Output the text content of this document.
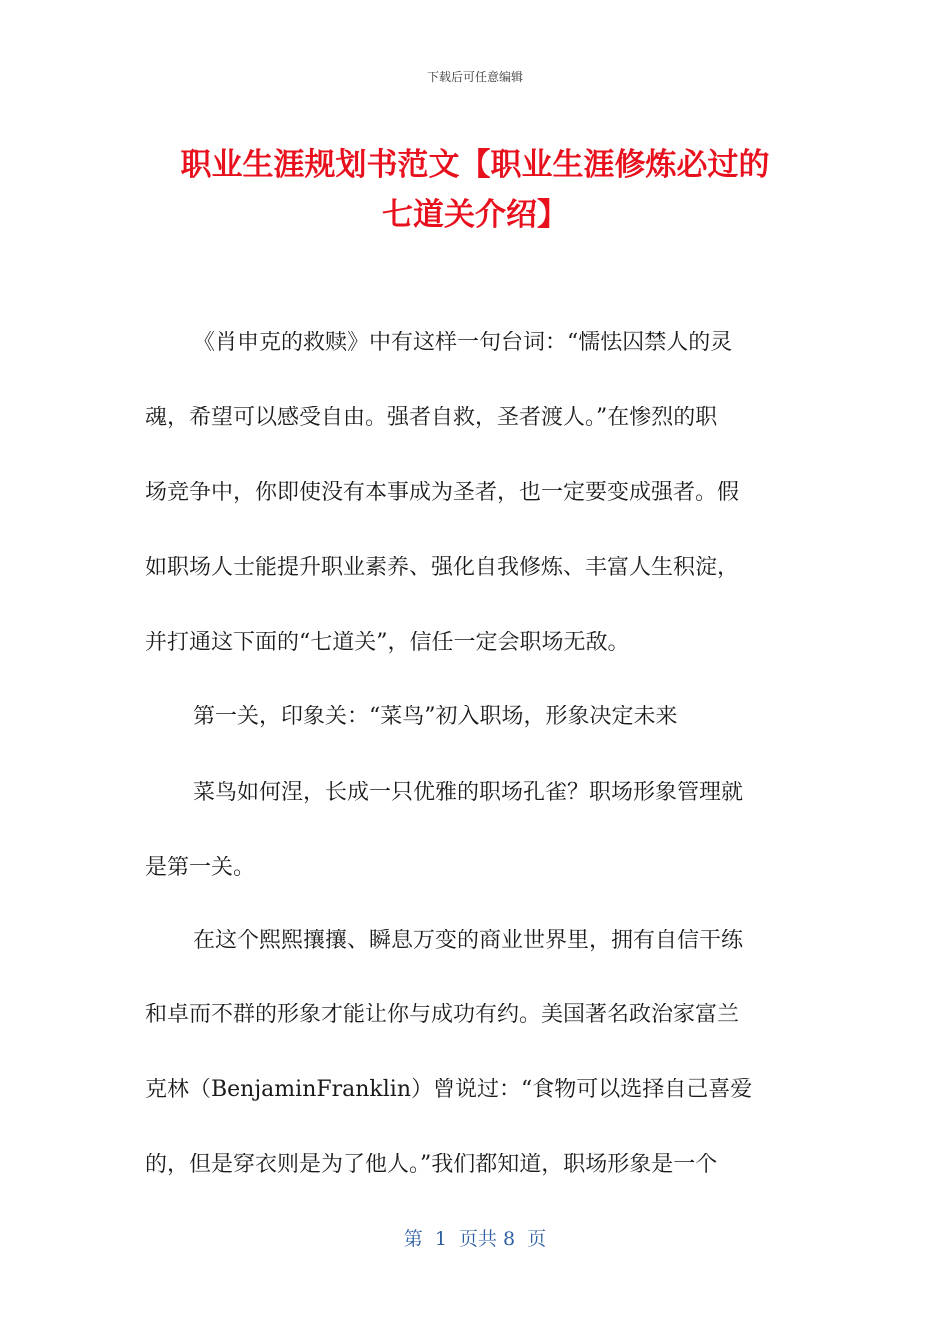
下载后可任意编辑
职业生涯规划书范文【职业生涯修炼必过的
七道关介绍】
《肖申克的救赎》中有这样一句台词：“懦怯囚禁人的灵
魂，希望可以感受自由。强者自救，圣者渡人。”在惨烈的职
场竞争中，你即使没有本事成为圣者，也一定要变成强者。假
如职场人士能提升职业素养、强化自我修炼、丰富人生积淀，
并打通这下面的“七道关”，信任一定会职场无敌。
第一关，印象关：“菜鸟”初入职场，形象决定未来
菜鸟如何涅，长成一只优雅的职场孔雀？职场形象管理就
是第一关。
在这个熙熙攘攘、瞬息万变的商业世界里，拥有自信干练
和卓而不群的形象才能让你与成功有约。美国著名政治家富兰
克林（BenjaminFranklin）曾说过：“食物可以选择自己喜爱
的，但是穿衣则是为了他人。”我们都知道，职场形象是一个
第  1  页共 8  页
